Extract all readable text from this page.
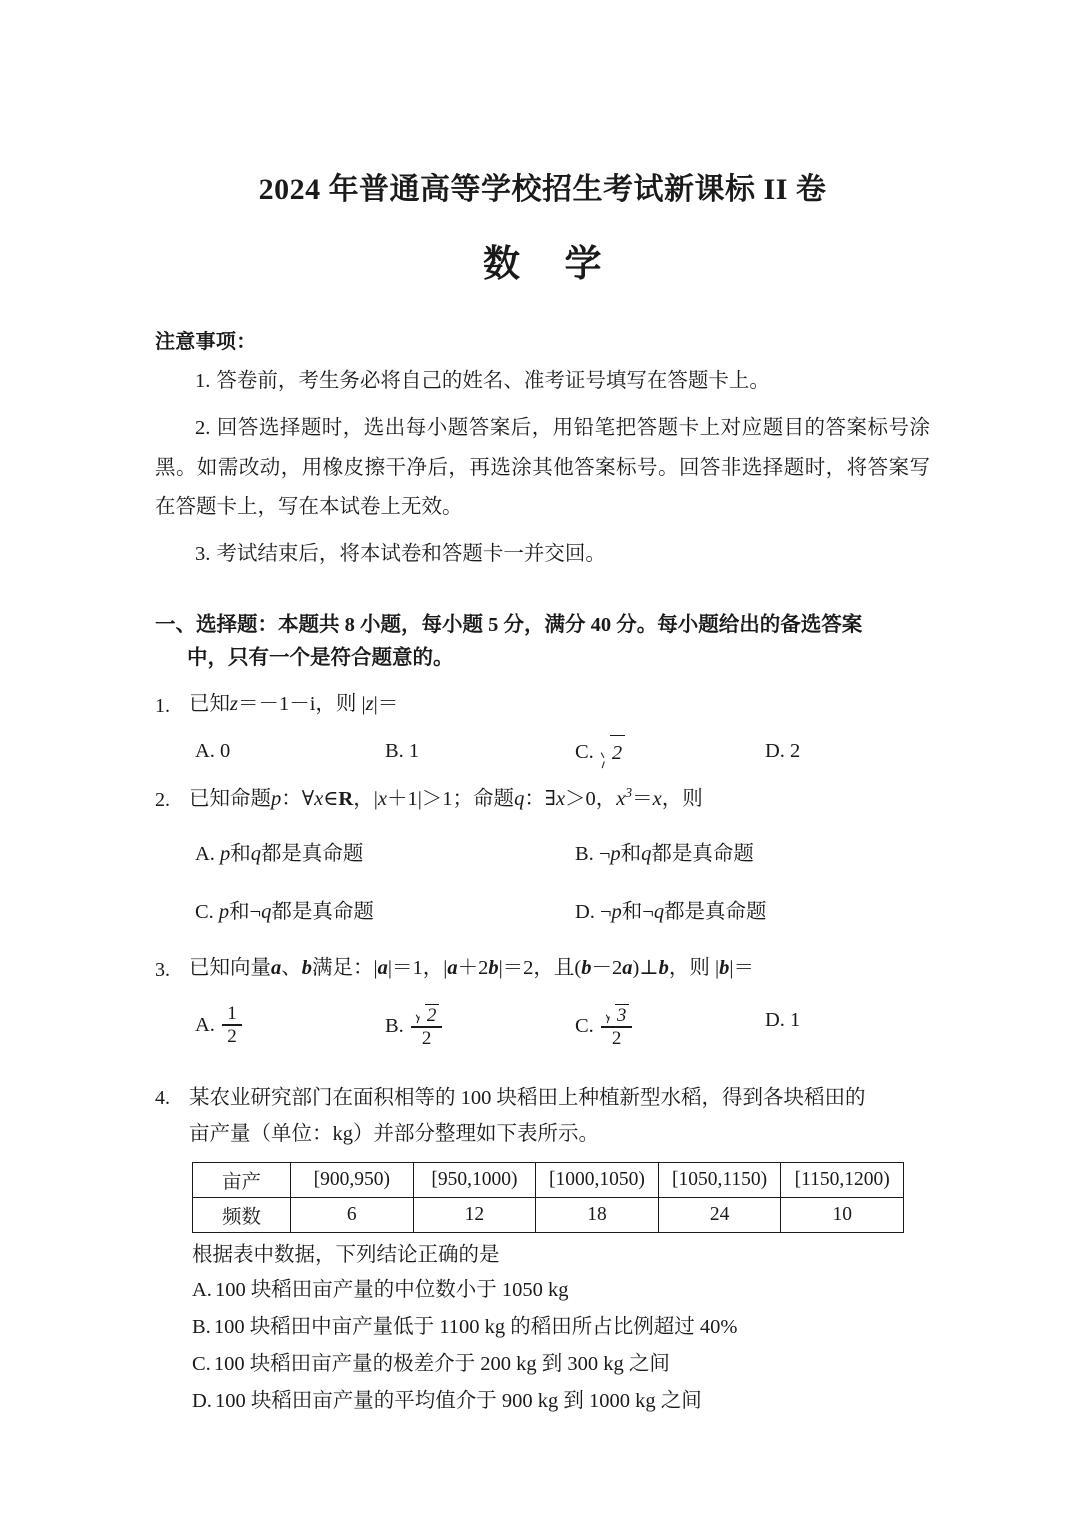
2024 年普通高等学校招生考试新课标 II 卷
数 学
注意事项：
1. 答卷前，考生务必将自己的姓名、准考证号填写在答题卡上。
2. 回答选择题时，选出每小题答案后，用铅笔把答题卡上对应题目的答案标号涂黑。如需改动，用橡皮擦干净后，再选涂其他答案标号。回答非选择题时，将答案写在答题卡上，写在本试卷上无效。
3. 考试结束后，将本试卷和答题卡一并交回。
一、选择题：本题共 8 小题，每小题 5 分，满分 40 分。每小题给出的备选答案
中，只有一个是符合题意的。
1. 已知z＝－1－i，则 |z|＝
A. 0	B. 1	C. 2	D. 2
2. 已知命题p：∀x∈R，|x＋1|＞1；命题q：∃x＞0，$x^3=x$，则
A. p 和 q 都是真命题	B. ¬ p 和 q 都是真命题
C. p 和¬ q 都是真命题	D. ¬ p 和¬ q 都是真命题
3. 已知向量a、b满足：|a|＝1，|a＋2b|＝2，且(b－2a)⊥b，则 |b|＝
A. $\frac{1}{2}$	B. $\frac{2}{2}$	C. $\frac{3}{2}$	D. 1
4. 某农业研究部门在面积相等的 100 块稻田上种植新型水稻，得到各块稻田的
亩产量（单位：kg）并部分整理如下表所示。
亩产	[900,950)	[950,1000)	[1000,1050)	[1050,1150)	[1150,1200)
频数	6	12	18	24	10
根据表中数据，下列结论正确的是
A. 100 块稻田亩产量的中位数小于 1050 kg
B. 100 块稻田中亩产量低于 1100 kg 的稻田所占比例超过 40%
C. 100 块稻田亩产量的极差介于 200 kg 到 300 kg 之间
D. 100 块稻田亩产量的平均值介于 900 kg 到 1000 kg 之间
